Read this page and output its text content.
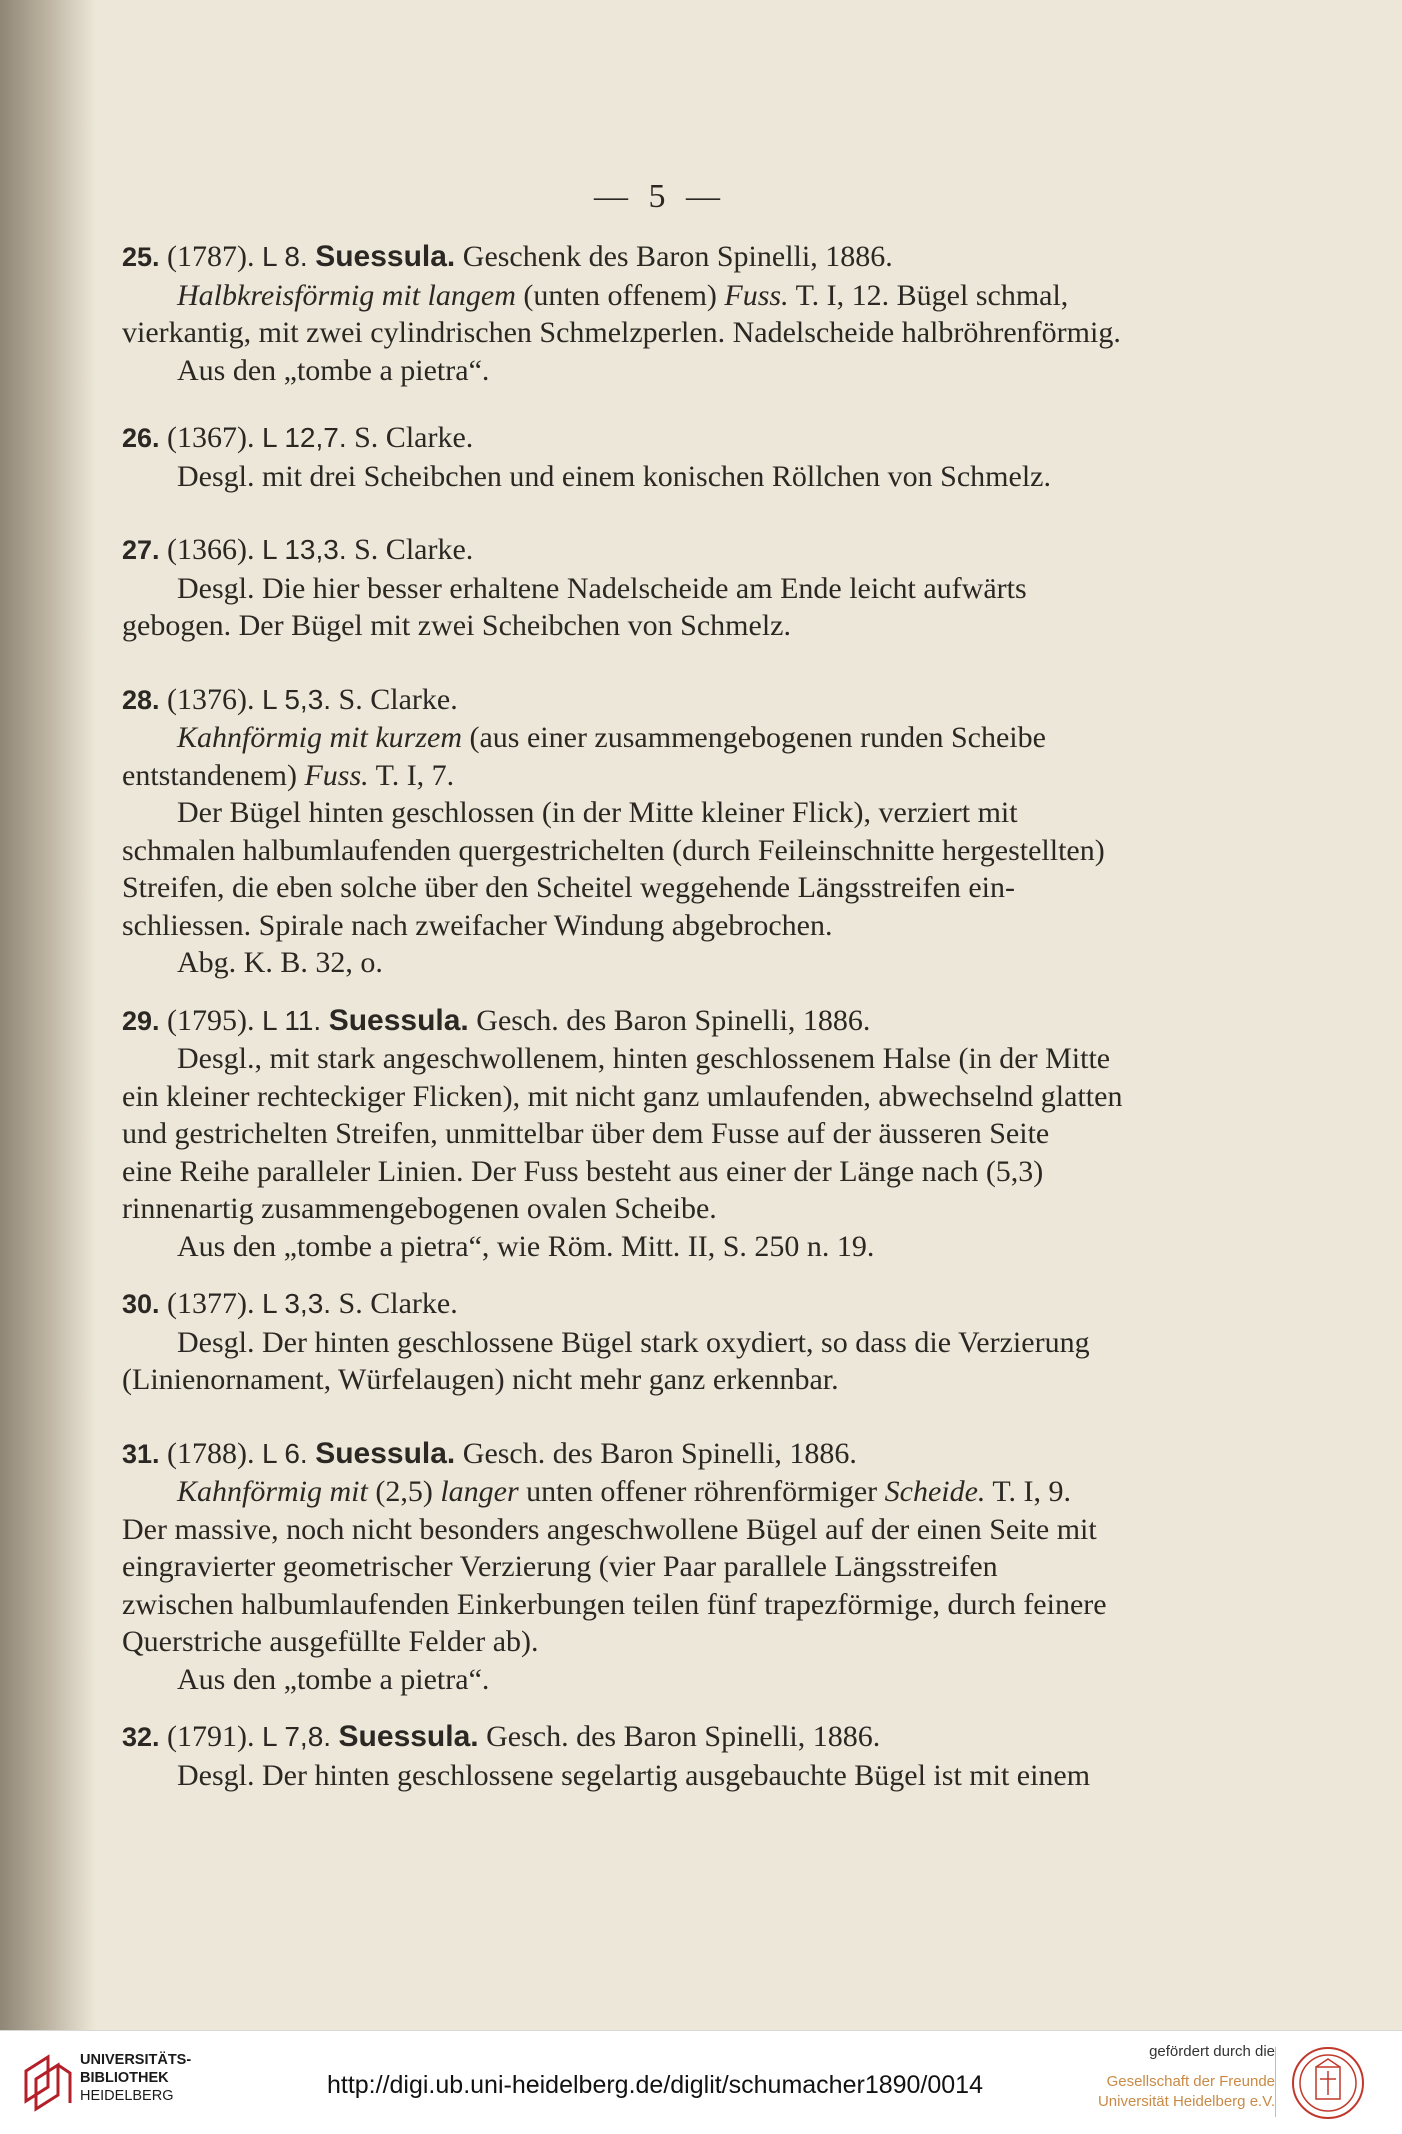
— 5 —

25. (1787). L 8. Suessula. Geschenk des Baron Spinelli, 1886.

Halbkreisförmig mit langem (unten offenem) Fuss. T. I, 12. Bügel schmal,

vierkantig, mit zwei cylindrischen Schmelzperlen. Nadelscheide halbröhrenförmig.

Aus den „tombe a pietra“.

26. (1367). L 12,7. S. Clarke.

Desgl. mit drei Scheibchen und einem konischen Röllchen von Schmelz.

27. (1366). L 13,3. S. Clarke.

Desgl. Die hier besser erhaltene Nadelscheide am Ende leicht aufwärts

gebogen. Der Bügel mit zwei Scheibchen von Schmelz.

28. (1376). L 5,3. S. Clarke.

Kahnförmig mit kurzem (aus einer zusammengebogenen runden Scheibe

entstandenem) Fuss. T. I, 7.

Der Bügel hinten geschlossen (in der Mitte kleiner Flick), verziert mit

schmalen halbumlaufenden quergestrichelten (durch Feileinschnitte hergestellten)

Streifen, die eben solche über den Scheitel weggehende Längsstreifen ein-

schliessen. Spirale nach zweifacher Windung abgebrochen.

Abg. K. B. 32, o.

29. (1795). L 11. Suessula. Gesch. des Baron Spinelli, 1886.

Desgl., mit stark angeschwollenem, hinten geschlossenem Halse (in der Mitte

ein kleiner rechteckiger Flicken), mit nicht ganz umlaufenden, abwechselnd glatten

und gestrichelten Streifen, unmittelbar über dem Fusse auf der äusseren Seite

eine Reihe paralleler Linien. Der Fuss besteht aus einer der Länge nach (5,3)

rinnenartig zusammengebogenen ovalen Scheibe.

Aus den „tombe a pietra“, wie Röm. Mitt. II, S. 250 n. 19.

30. (1377). L 3,3. S. Clarke.

Desgl. Der hinten geschlossene Bügel stark oxydiert, so dass die Verzierung

(Linienornament, Würfelaugen) nicht mehr ganz erkennbar.

31. (1788). L 6. Suessula. Gesch. des Baron Spinelli, 1886.

Kahnförmig mit (2,5) langer unten offener röhrenförmiger Scheide. T. I, 9.

Der massive, noch nicht besonders angeschwollene Bügel auf der einen Seite mit

eingravierter geometrischer Verzierung (vier Paar parallele Längsstreifen

zwischen halbumlaufenden Einkerbungen teilen fünf trapezförmige, durch feinere

Querstriche ausgefüllte Felder ab).

Aus den „tombe a pietra“.

32. (1791). L 7,8. Suessula. Gesch. des Baron Spinelli, 1886.

Desgl. Der hinten geschlossene segelartig ausgebauchte Bügel ist mit einem

UNIVERSITÄTS-
BIBLIOTHEK
HEIDELBERG	http://digi.ub.uni-heidelberg.de/diglit/schumacher1890/0014
gefördert durch die
Gesellschaft der Freunde
Universität Heidelberg e.V.
